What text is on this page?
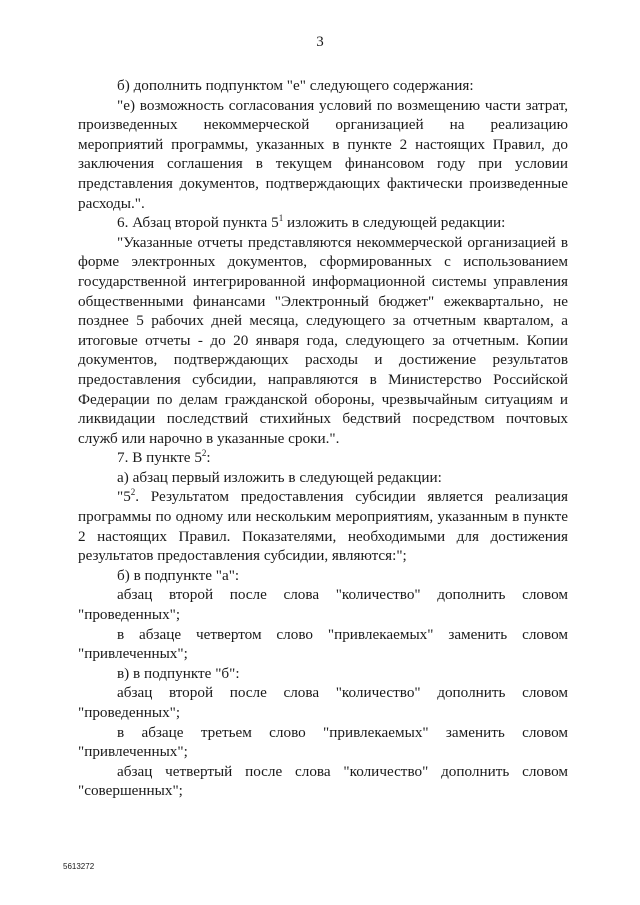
3

б) дополнить подпунктом "е" следующего содержания:

"е) возможность согласования условий по возмещению части затрат, произведенных некоммерческой организацией на реализацию мероприятий программы, указанных в пункте 2 настоящих Правил, до заключения соглашения в текущем финансовом году при условии представления документов, подтверждающих фактически произведенные расходы.".

6. Абзац второй пункта $5^1$ изложить в следующей редакции:

"Указанные отчеты представляются некоммерческой организацией в форме электронных документов, сформированных с использованием государственной интегрированной информационной системы управления общественными финансами "Электронный бюджет" ежеквартально, не позднее 5 рабочих дней месяца, следующего за отчетным кварталом, а итоговые отчеты - до 20 января года, следующего за отчетным. Копии документов, подтверждающих расходы и достижение результатов предоставления субсидии, направляются в Министерство Российской Федерации по делам гражданской обороны, чрезвычайным ситуациям и ликвидации последствий стихийных бедствий посредством почтовых служб или нарочно в указанные сроки.".

7. В пункте $5^2$:

а) абзац первый изложить в следующей редакции:

"$5^2$. Результатом предоставления субсидии является реализация программы по одному или нескольким мероприятиям, указанным в пункте 2 настоящих Правил. Показателями, необходимыми для достижения результатов предоставления субсидии, являются:";

б) в подпункте "а":

абзац второй после слова "количество" дополнить словом "проведенных";

в абзаце четвертом слово "привлекаемых" заменить словом "привлеченных";

в) в подпункте "б":

абзац второй после слова "количество" дополнить словом "проведенных";

в абзаце третьем слово "привлекаемых" заменить словом "привлеченных";

абзац четвертый после слова "количество" дополнить словом "совершенных";

5613272
